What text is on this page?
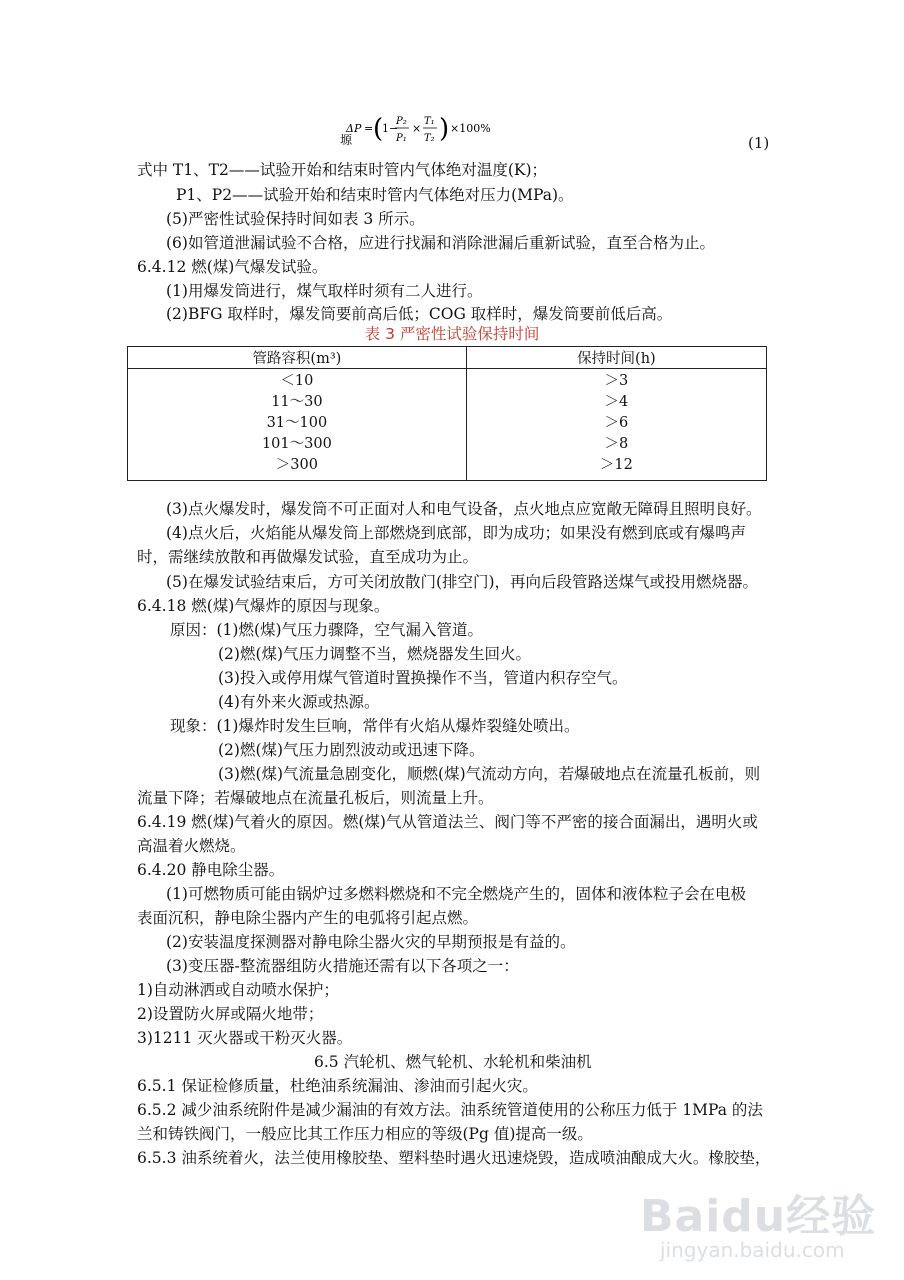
塬
ΔP = (
1−
P₂
P₁
×
T₁
T₂ ) ×100%
(1)
式中 T1、T2——试验开始和结束时管内气体绝对温度(K)；
P1、P2——试验开始和结束时管内气体绝对压力(MPa)。
(5)严密性试验保持时间如表 3 所示。
(6)如管道泄漏试验不合格，应进行找漏和消除泄漏后重新试验，直至合格为止。
6.4.12 燃(煤)气爆发试验。
(1)用爆发筒进行，煤气取样时须有二人进行。
(2)BFG 取样时，爆发筒要前高后低；COG 取样时，爆发筒要前低后高。
表 3 严密性试验保持时间
管路容积(m³)	保持时间(h)
＜10	＞3
11～30	＞4
31～100	＞6
101～300	＞8
＞300	＞12
(3)点火爆发时，爆发筒不可正面对人和电气设备，点火地点应宽敞无障碍且照明良好。
(4)点火后，火焰能从爆发筒上部燃烧到底部，即为成功；如果没有燃到底或有爆鸣声
时，需继续放散和再做爆发试验，直至成功为止。
(5)在爆发试验结束后，方可关闭放散门(排空门)，再向后段管路送煤气或投用燃烧器。
6.4.18 燃(煤)气爆炸的原因与现象。
原因：(1)燃(煤)气压力骤降，空气漏入管道。
(2)燃(煤)气压力调整不当，燃烧器发生回火。
(3)投入或停用煤气管道时置换操作不当，管道内积存空气。
(4)有外来火源或热源。
现象：(1)爆炸时发生巨响，常伴有火焰从爆炸裂缝处喷出。
(2)燃(煤)气压力剧烈波动或迅速下降。
(3)燃(煤)气流量急剧变化，顺燃(煤)气流动方向，若爆破地点在流量孔板前，则
流量下降；若爆破地点在流量孔板后，则流量上升。
6.4.19 燃(煤)气着火的原因。燃(煤)气从管道法兰、阀门等不严密的接合面漏出，遇明火或
高温着火燃烧。
6.4.20 静电除尘器。
(1)可燃物质可能由锅炉过多燃料燃烧和不完全燃烧产生的，固体和液体粒子会在电极
表面沉积，静电除尘器内产生的电弧将引起点燃。
(2)安装温度探测器对静电除尘器火灾的早期预报是有益的。
(3)变压器-整流器组防火措施还需有以下各项之一：
1)自动淋洒或自动喷水保护；
2)设置防火屏或隔火地带；
3)1211 灭火器或干粉灭火器。
6.5 汽轮机、燃气轮机、水轮机和柴油机
6.5.1 保证检修质量，杜绝油系统漏油、渗油而引起火灾。
6.5.2 减少油系统附件是减少漏油的有效方法。油系统管道使用的公称压力低于 1MPa 的法
兰和铸铁阀门，一般应比其工作压力相应的等级(Pg 值)提高一级。
6.5.3 油系统着火，法兰使用橡胶垫、塑料垫时遇火迅速烧毁，造成喷油酿成大火。橡胶垫，
Baidu经验
jingyan.baidu.com
